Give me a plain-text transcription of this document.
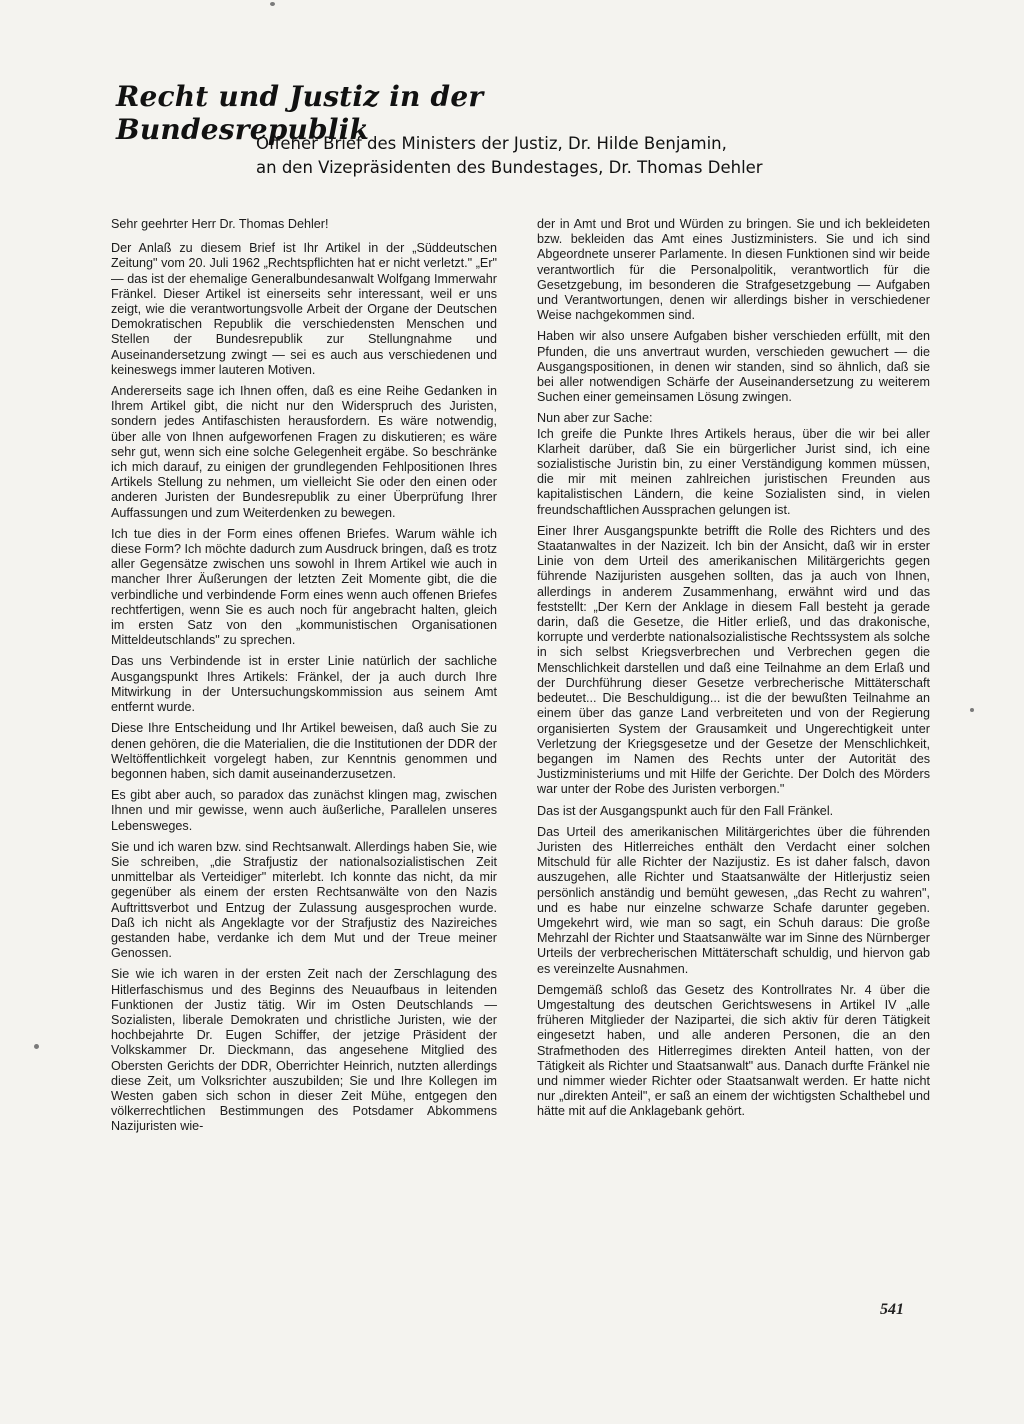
Recht und Justiz in der Bundesrepublik
Offener Brief des Ministers der Justiz, Dr. Hilde Benjamin,
an den Vizepräsidenten des Bundestages, Dr. Thomas Dehler

Sehr geehrter Herr Dr. Thomas Dehler!

Der Anlaß zu diesem Brief ist Ihr Artikel in der „Süddeutschen Zeitung" vom 20. Juli 1962 „Rechtspflichten hat er nicht verletzt." „Er" — das ist der ehemalige Generalbundesanwalt Wolfgang Immerwahr Fränkel. Dieser Artikel ist einerseits sehr interessant, weil er uns zeigt, wie die verantwortungsvolle Arbeit der Organe der Deutschen Demokratischen Republik die verschiedensten Menschen und Stellen der Bundesrepublik zur Stellungnahme und Auseinandersetzung zwingt — sei es auch aus verschiedenen und keineswegs immer lauteren Motiven.

Andererseits sage ich Ihnen offen, daß es eine Reihe Gedanken in Ihrem Artikel gibt, die nicht nur den Widerspruch des Juristen, sondern jedes Antifaschisten herausfordern. Es wäre notwendig, über alle von Ihnen aufgeworfenen Fragen zu diskutieren; es wäre sehr gut, wenn sich eine solche Gelegenheit ergäbe. So beschränke ich mich darauf, zu einigen der grundlegenden Fehlpositionen Ihres Artikels Stellung zu nehmen, um vielleicht Sie oder den einen oder anderen Juristen der Bundesrepublik zu einer Überprüfung Ihrer Auffassungen und zum Weiterdenken zu bewegen.

Ich tue dies in der Form eines offenen Briefes. Warum wähle ich diese Form? Ich möchte dadurch zum Ausdruck bringen, daß es trotz aller Gegensätze zwischen uns sowohl in Ihrem Artikel wie auch in mancher Ihrer Äußerungen der letzten Zeit Momente gibt, die die verbindliche und verbindende Form eines wenn auch offenen Briefes rechtfertigen, wenn Sie es auch noch für angebracht halten, gleich im ersten Satz von den „kommunistischen Organisationen Mitteldeutschlands" zu sprechen.

Das uns Verbindende ist in erster Linie natürlich der sachliche Ausgangspunkt Ihres Artikels: Fränkel, der ja auch durch Ihre Mitwirkung in der Untersuchungskommission aus seinem Amt entfernt wurde.

Diese Ihre Entscheidung und Ihr Artikel beweisen, daß auch Sie zu denen gehören, die die Materialien, die die Institutionen der DDR der Weltöffentlichkeit vorgelegt haben, zur Kenntnis genommen und begonnen haben, sich damit auseinanderzusetzen.

Es gibt aber auch, so paradox das zunächst klingen mag, zwischen Ihnen und mir gewisse, wenn auch äußerliche, Parallelen unseres Lebensweges.

Sie und ich waren bzw. sind Rechtsanwalt. Allerdings haben Sie, wie Sie schreiben, „die Strafjustiz der nationalsozialistischen Zeit unmittelbar als Verteidiger" miterlebt. Ich konnte das nicht, da mir gegenüber als einem der ersten Rechtsanwälte von den Nazis Auftrittsverbot und Entzug der Zulassung ausgesprochen wurde. Daß ich nicht als Angeklagte vor der Strafjustiz des Nazireiches gestanden habe, verdanke ich dem Mut und der Treue meiner Genossen.

Sie wie ich waren in der ersten Zeit nach der Zerschlagung des Hitlerfaschismus und des Beginns des Neuaufbaus in leitenden Funktionen der Justiz tätig. Wir im Osten Deutschlands — Sozialisten, liberale Demokraten und christliche Juristen, wie der hochbejahrte Dr. Eugen Schiffer, der jetzige Präsident der Volkskammer Dr. Dieckmann, das angesehene Mitglied des Obersten Gerichts der DDR, Oberrichter Heinrich, nutzten allerdings diese Zeit, um Volksrichter auszubilden; Sie und Ihre Kollegen im Westen gaben sich schon in dieser Zeit Mühe, entgegen den völkerrechtlichen Bestimmungen des Potsdamer Abkommens Nazijuristen wie-

der in Amt und Brot und Würden zu bringen. Sie und ich bekleideten bzw. bekleiden das Amt eines Justizministers. Sie und ich sind Abgeordnete unserer Parlamente. In diesen Funktionen sind wir beide verantwortlich für die Personalpolitik, verantwortlich für die Gesetzgebung, im besonderen die Strafgesetzgebung — Aufgaben und Verantwortungen, denen wir allerdings bisher in verschiedener Weise nachgekommen sind.

Haben wir also unsere Aufgaben bisher verschieden erfüllt, mit den Pfunden, die uns anvertraut wurden, verschieden gewuchert — die Ausgangspositionen, in denen wir standen, sind so ähnlich, daß sie bei aller notwendigen Schärfe der Auseinandersetzung zu weiterem Suchen einer gemeinsamen Lösung zwingen.

Nun aber zur Sache:

Ich greife die Punkte Ihres Artikels heraus, über die wir bei aller Klarheit darüber, daß Sie ein bürgerlicher Jurist sind, ich eine sozialistische Juristin bin, zu einer Verständigung kommen müssen, die mir mit meinen zahlreichen juristischen Freunden aus kapitalistischen Ländern, die keine Sozialisten sind, in vielen freundschaftlichen Aussprachen gelungen ist.

Einer Ihrer Ausgangspunkte betrifft die Rolle des Richters und des Staatanwaltes in der Nazizeit. Ich bin der Ansicht, daß wir in erster Linie von dem Urteil des amerikanischen Militärgerichts gegen führende Nazijuristen ausgehen sollten, das ja auch von Ihnen, allerdings in anderem Zusammenhang, erwähnt wird und das feststellt: „Der Kern der Anklage in diesem Fall besteht ja gerade darin, daß die Gesetze, die Hitler erließ, und das drakonische, korrupte und verderbte nationalsozialistische Rechtssystem als solche in sich selbst Kriegsverbrechen und Verbrechen gegen die Menschlichkeit darstellen und daß eine Teilnahme an dem Erlaß und der Durchführung dieser Gesetze verbrecherische Mittäterschaft bedeutet... Die Beschuldigung... ist die der bewußten Teilnahme an einem über das ganze Land verbreiteten und von der Regierung organisierten System der Grausamkeit und Ungerechtigkeit unter Verletzung der Kriegsgesetze und der Gesetze der Menschlichkeit, begangen im Namen des Rechts unter der Autorität des Justizministeriums und mit Hilfe der Gerichte. Der Dolch des Mörders war unter der Robe des Juristen verborgen."

Das ist der Ausgangspunkt auch für den Fall Fränkel.

Das Urteil des amerikanischen Militärgerichtes über die führenden Juristen des Hitlerreiches enthält den Verdacht einer solchen Mitschuld für alle Richter der Nazijustiz. Es ist daher falsch, davon auszugehen, alle Richter und Staatsanwälte der Hitlerjustiz seien persönlich anständig und bemüht gewesen, „das Recht zu wahren", und es habe nur einzelne schwarze Schafe darunter gegeben. Umgekehrt wird, wie man so sagt, ein Schuh daraus: Die große Mehrzahl der Richter und Staatsanwälte war im Sinne des Nürnberger Urteils der verbrecherischen Mittäterschaft schuldig, und hiervon gab es vereinzelte Ausnahmen.

Demgemäß schloß das Gesetz des Kontrollrates Nr. 4 über die Umgestaltung des deutschen Gerichtswesens in Artikel IV „alle früheren Mitglieder der Nazipartei, die sich aktiv für deren Tätigkeit eingesetzt haben, und alle anderen Personen, die an den Strafmethoden des Hitlerregimes direkten Anteil hatten, von der Tätigkeit als Richter und Staatsanwalt" aus. Danach durfte Fränkel nie und nimmer wieder Richter oder Staatsanwalt werden. Er hatte nicht nur „direkten Anteil", er saß an einem der wichtigsten Schalthebel und hätte mit auf die Anklagebank gehört.

541
